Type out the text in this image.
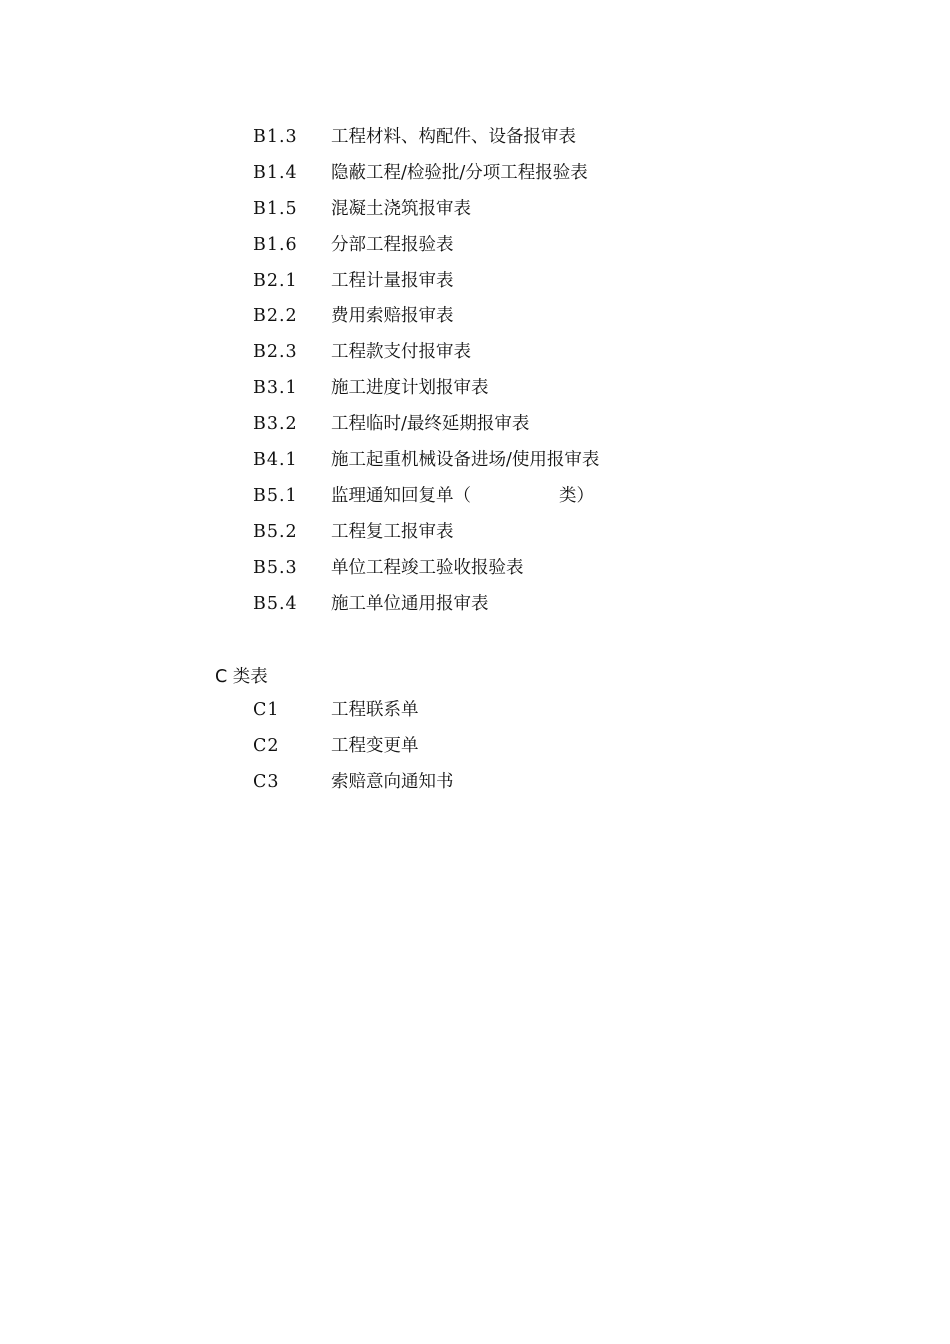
B1.3 工程材料、构配件、设备报审表
B1.4 隐蔽工程/检验批/分项工程报验表
B1.5 混凝土浇筑报审表
B1.6 分部工程报验表
B2.1 工程计量报审表
B2.2 费用索赔报审表
B2.3 工程款支付报审表
B3.1 施工进度计划报审表
B3.2 工程临时/最终延期报审表
B4.1 施工起重机械设备进场/使用报审表
B5.1 监理通知回复单（	类）
B5.2 工程复工报审表
B5.3 单位工程竣工验收报验表
B5.4 施工单位通用报审表
C 类表
C1	工程联系单
C2	工程变更单
C3	索赔意向通知书
